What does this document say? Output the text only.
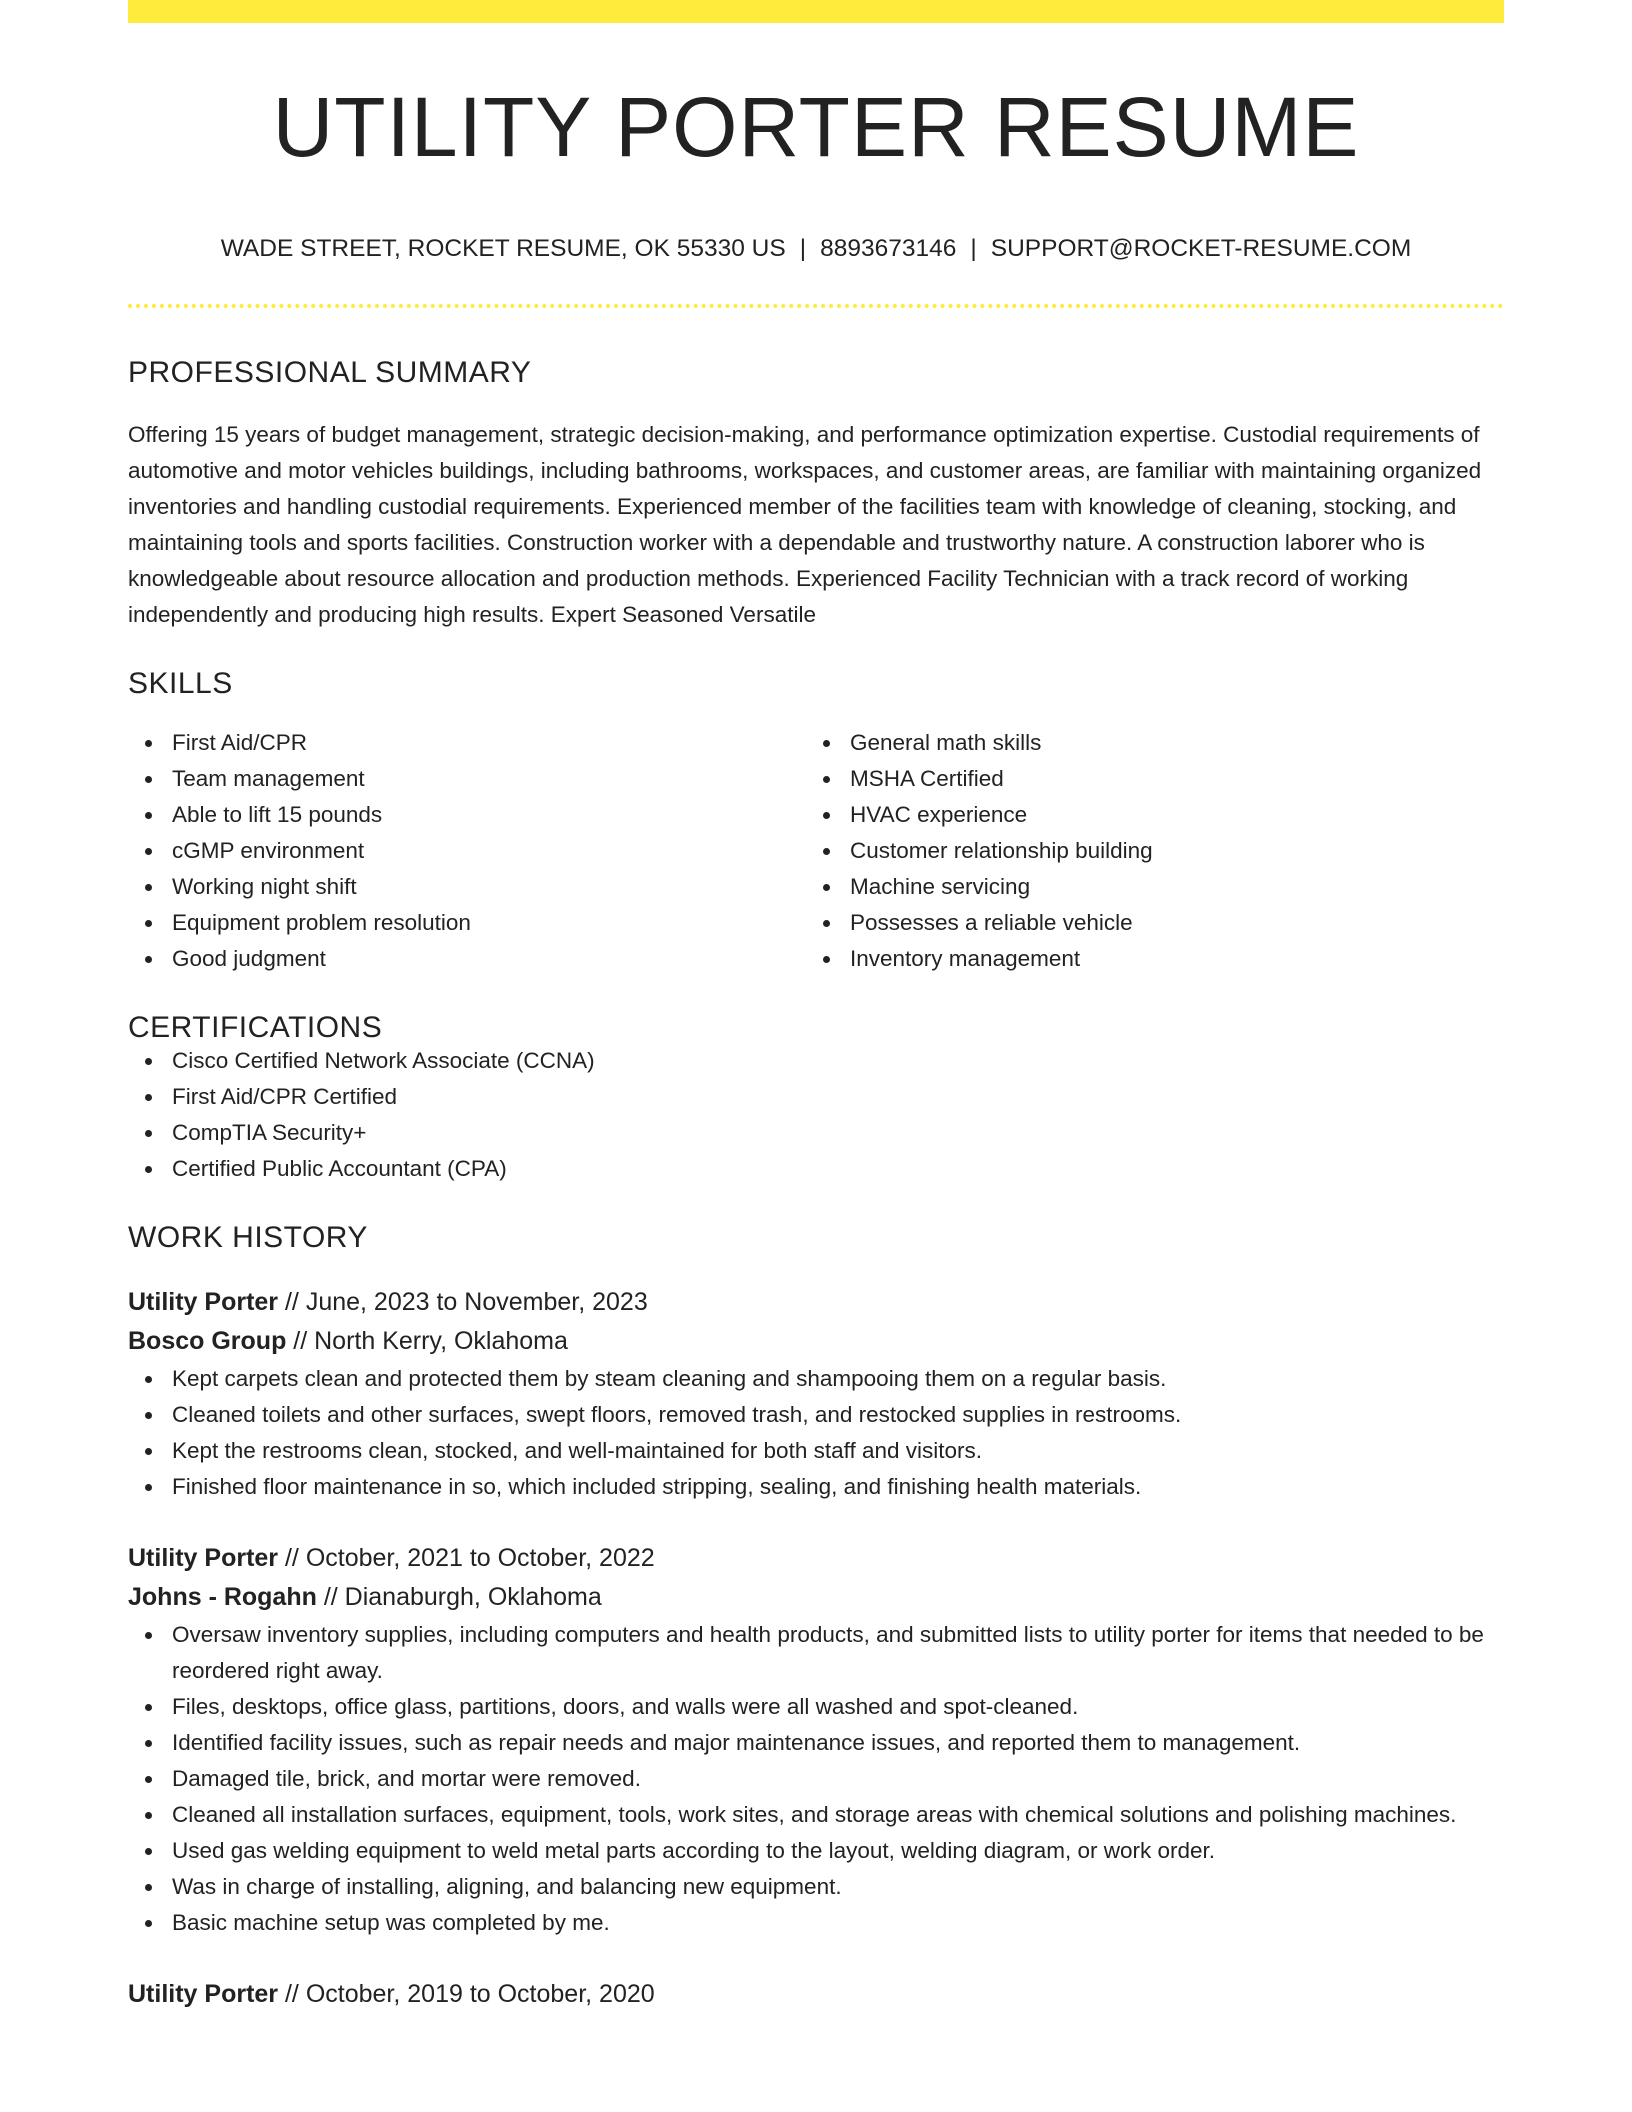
UTILITY PORTER RESUME
WADE STREET, ROCKET RESUME, OK 55330 US | 8893673146 | SUPPORT@ROCKET-RESUME.COM
PROFESSIONAL SUMMARY

Offering 15 years of budget management, strategic decision-making, and performance optimization expertise. Custodial requirements of automotive and motor vehicles buildings, including bathrooms, workspaces, and customer areas, are familiar with maintaining organized inventories and handling custodial requirements. Experienced member of the facilities team with knowledge of cleaning, stocking, and maintaining tools and sports facilities. Construction worker with a dependable and trustworthy nature. A construction laborer who is knowledgeable about resource allocation and production methods. Experienced Facility Technician with a track record of working independently and producing high results. Expert Seasoned Versatile

SKILLS
First Aid/CPR
Team management
Able to lift 15 pounds
cGMP environment
Working night shift
Equipment problem resolution
Good judgment
General math skills
MSHA Certified
HVAC experience
Customer relationship building
Machine servicing
Possesses a reliable vehicle
Inventory management
CERTIFICATIONS
Cisco Certified Network Associate (CCNA)
First Aid/CPR Certified
CompTIA Security+
Certified Public Accountant (CPA)
WORK HISTORY
Utility Porter // June, 2023 to November, 2023
Bosco Group // North Kerry, Oklahoma
Kept carpets clean and protected them by steam cleaning and shampooing them on a regular basis.
Cleaned toilets and other surfaces, swept floors, removed trash, and restocked supplies in restrooms.
Kept the restrooms clean, stocked, and well-maintained for both staff and visitors.
Finished floor maintenance in so, which included stripping, sealing, and finishing health materials.
Utility Porter // October, 2021 to October, 2022
Johns - Rogahn // Dianaburgh, Oklahoma
Oversaw inventory supplies, including computers and health products, and submitted lists to utility porter for items that needed to be reordered right away.
Files, desktops, office glass, partitions, doors, and walls were all washed and spot-cleaned.
Identified facility issues, such as repair needs and major maintenance issues, and reported them to management.
Damaged tile, brick, and mortar were removed.
Cleaned all installation surfaces, equipment, tools, work sites, and storage areas with chemical solutions and polishing machines.
Used gas welding equipment to weld metal parts according to the layout, welding diagram, or work order.
Was in charge of installing, aligning, and balancing new equipment.
Basic machine setup was completed by me.
Utility Porter // October, 2019 to October, 2020
